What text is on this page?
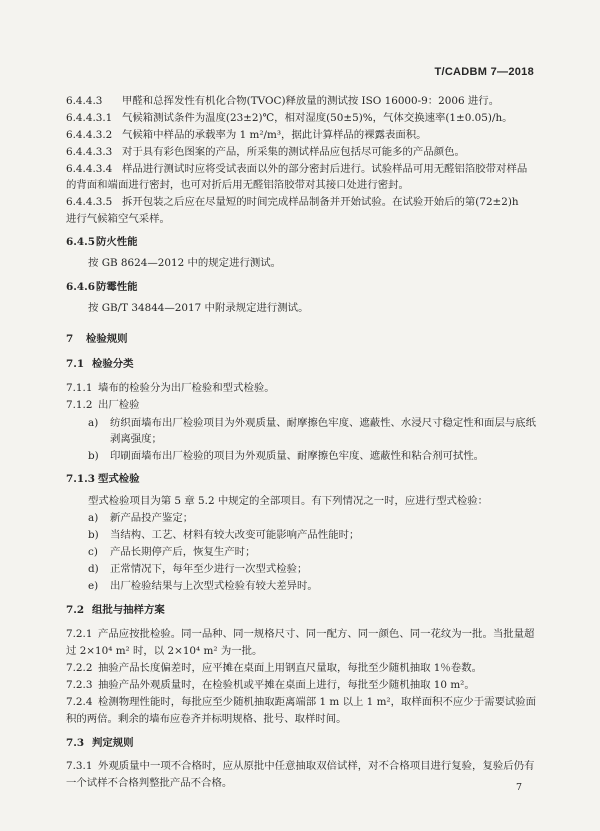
T/CADBM 7—2018
6.4.4.3 甲醛和总挥发性有机化合物(TVOC)释放量的测试按 ISO 16000-9：2006 进行。
6.4.4.3.1 气候箱测试条件为温度(23±2)℃，相对湿度(50±5)%，气体交换速率(1±0.05)/h。
6.4.4.3.2 气候箱中样品的承载率为 1 m²/m³，据此计算样品的裸露表面积。
6.4.4.3.3 对于具有彩色图案的产品，所采集的测试样品应包括尽可能多的产品颜色。
6.4.4.3.4 样品进行测试时应将受试表面以外的部分密封后进行。试验样品可用无醛铝箔胶带对样品
的背面和端面进行密封，也可对折后用无醛铝箔胶带对其接口处进行密封。
6.4.4.3.5 拆开包装之后应在尽量短的时间完成样品制备并开始试验。在试验开始后的第(72±2)h
进行气候箱空气采样。
6.4.5防火性能
按 GB 8624—2012 中的规定进行测试。
6.4.6防霉性能
按 GB/T 34844—2017 中附录规定进行测试。
7 检验规则
7.1 检验分类
7.1.1 墙布的检验分为出厂检验和型式检验。
7.1.2 出厂检验
a) 纺织面墙布出厂检验项目为外观质量、耐摩擦色牢度、遮蔽性、水浸尺寸稳定性和面层与底纸
剥离强度；
b) 印刷面墙布出厂检验的项目为外观质量、耐摩擦色牢度、遮蔽性和粘合剂可拭性。
7.1.3 型式检验
型式检验项目为第 5 章 5.2 中规定的全部项目。有下列情况之一时，应进行型式检验：
a) 新产品投产鉴定；
b) 当结构、工艺、材料有较大改变可能影响产品性能时；
c) 产品长期停产后，恢复生产时；
d) 正常情况下，每年至少进行一次型式检验；
e) 出厂检验结果与上次型式检验有较大差异时。
7.2 组批与抽样方案
7.2.1 产品应按批检验。同一品种、同一规格尺寸、同一配方、同一颜色、同一花纹为一批。当批量超
过 2×10⁴ m² 时，以 2×10⁴ m² 为一批。
7.2.2 抽验产品长度偏差时，应平摊在桌面上用钢直尺量取，每批至少随机抽取 1％卷数。
7.2.3 抽验产品外观质量时，在检验机或平摊在桌面上进行，每批至少随机抽取 10 m²。
7.2.4 检测物理性能时，每批应至少随机抽取距离端部 1 m 以上 1 m²，取样面积不应少于需要试验面
积的两倍。剩余的墙布应卷齐并标明规格、批号、取样时间。
7.3 判定规则
7.3.1 外观质量中一项不合格时，应从原批中任意抽取双倍试样，对不合格项目进行复验，复验后仍有
一个试样不合格判整批产品不合格。	7
